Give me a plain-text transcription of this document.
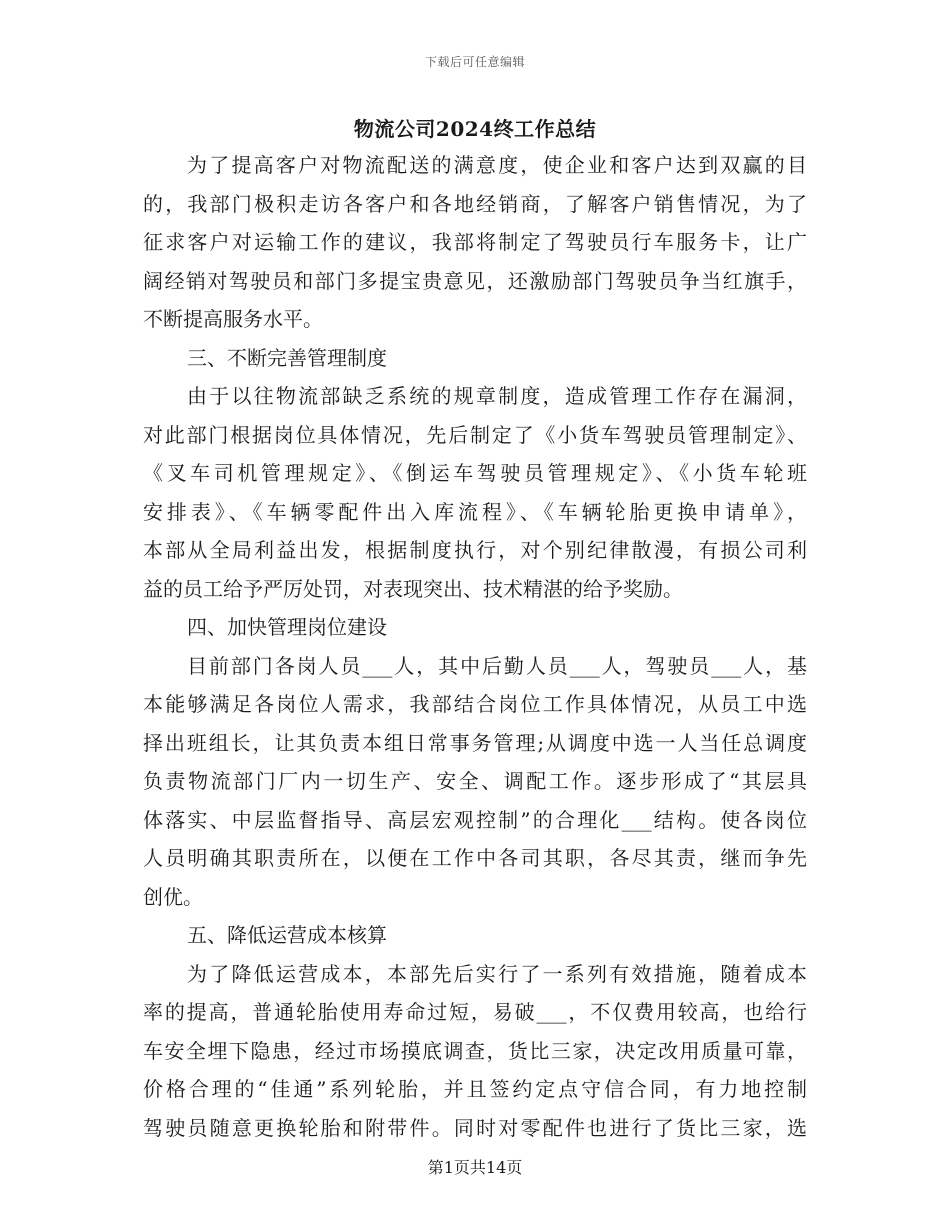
下载后可任意编辑
物流公司2024终工作总结
为了提高客户对物流配送的满意度，使企业和客户达到双赢的目
的，我部门极积走访各客户和各地经销商，了解客户销售情况，为了
征求客户对运输工作的建议，我部将制定了驾驶员行车服务卡，让广
阔经销对驾驶员和部门多提宝贵意见，还激励部门驾驶员争当红旗手，
不断提高服务水平。
三、不断完善管理制度
由于以往物流部缺乏系统的规章制度，造成管理工作存在漏洞，
对此部门根据岗位具体情况，先后制定了《小货车驾驶员管理制定》、
《叉车司机管理规定》、《倒运车驾驶员管理规定》、《小货车轮班
安排表》、《车辆零配件出入库流程》、《车辆轮胎更换申请单》，
本部从全局利益出发，根据制度执行，对个别纪律散漫，有损公司利
益的员工给予严厉处罚，对表现突出、技术精湛的给予奖励。
四、加快管理岗位建设
目前部门各岗人员___人，其中后勤人员___人，驾驶员___人，基
本能够满足各岗位人需求，我部结合岗位工作具体情况，从员工中选
择出班组长，让其负责本组日常事务管理;从调度中选一人当任总调度
负责物流部门厂内一切生产、安全、调配工作。逐步形成了“其层具
体落实、中层监督指导、高层宏观控制”的合理化___结构。使各岗位
人员明确其职责所在，以便在工作中各司其职，各尽其责，继而争先
创优。
五、降低运营成本核算
为了降低运营成本，本部先后实行了一系列有效措施，随着成本
率的提高，普通轮胎使用寿命过短，易破___，不仅费用较高，也给行
车安全埋下隐患，经过市场摸底调查，货比三家，决定改用质量可靠，
价格合理的“佳通”系列轮胎，并且签约定点守信合同，有力地控制
驾驶员随意更换轮胎和附带件。同时对零配件也进行了货比三家，选
第1页共14页
